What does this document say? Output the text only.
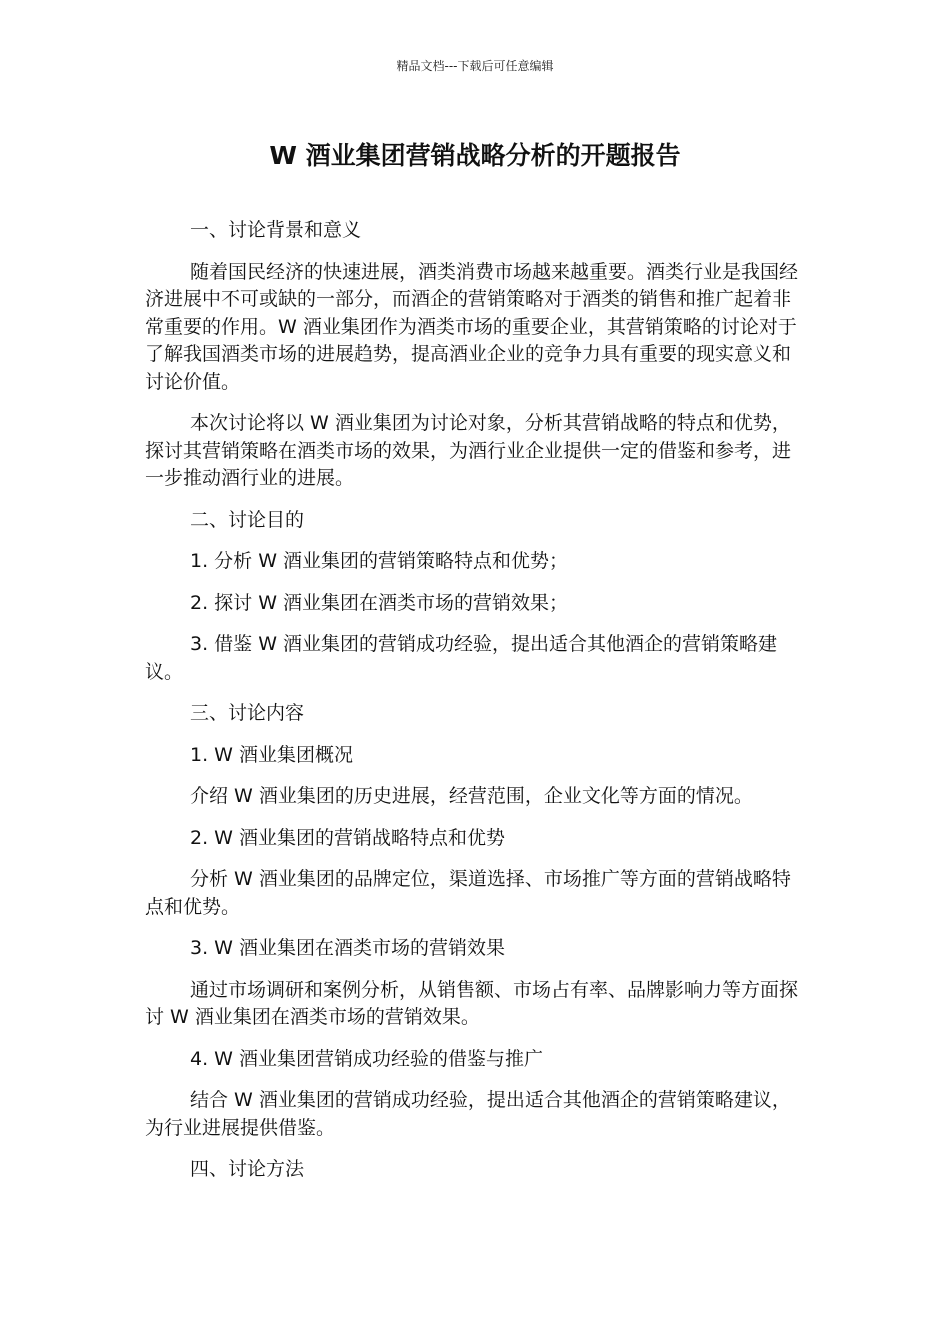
精品文档---下载后可任意编辑
W 酒业集团营销战略分析的开题报告

一、讨论背景和意义

随着国民经济的快速进展，酒类消费市场越来越重要。酒类行业是我国经济进展中不可或缺的一部分，而酒企的营销策略对于酒类的销售和推广起着非常重要的作用。W 酒业集团作为酒类市场的重要企业，其营销策略的讨论对于了解我国酒类市场的进展趋势，提高酒业企业的竞争力具有重要的现实意义和讨论价值。

本次讨论将以 W 酒业集团为讨论对象，分析其营销战略的特点和优势，探讨其营销策略在酒类市场的效果，为酒行业企业提供一定的借鉴和参考，进一步推动酒行业的进展。

二、讨论目的

1. 分析 W 酒业集团的营销策略特点和优势；

2. 探讨 W 酒业集团在酒类市场的营销效果；

3. 借鉴 W 酒业集团的营销成功经验，提出适合其他酒企的营销策略建议。

三、讨论内容

1. W 酒业集团概况

介绍 W 酒业集团的历史进展，经营范围，企业文化等方面的情况。

2. W 酒业集团的营销战略特点和优势

分析 W 酒业集团的品牌定位，渠道选择、市场推广等方面的营销战略特点和优势。

3. W 酒业集团在酒类市场的营销效果

通过市场调研和案例分析，从销售额、市场占有率、品牌影响力等方面探讨 W 酒业集团在酒类市场的营销效果。

4. W 酒业集团营销成功经验的借鉴与推广

结合 W 酒业集团的营销成功经验，提出适合其他酒企的营销策略建议，为行业进展提供借鉴。

四、讨论方法
